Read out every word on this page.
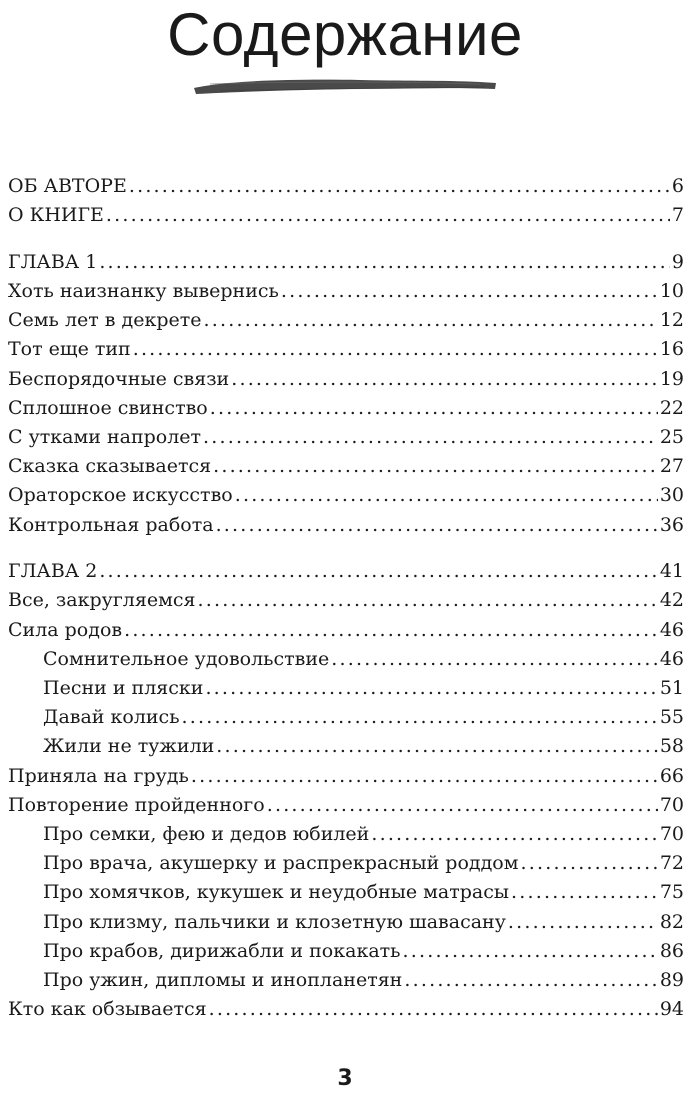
Содержание
ОБ АВТОРЕ .....	6
О КНИГЕ .....	7
ГЛАВА 1 .....	9
Хоть наизнанку вывернись .....	10
Семь лет в декрете .....	12
Тот еще тип .....	16
Беспорядочные связи .....	19
Сплошное свинство .....	22
С утками напролет .....	25
Сказка сказывается .....	27
Ораторское искусство .....	30
Контрольная работа .....	36
ГЛАВА 2 .....	41
Все, закругляемся .....	42
Сила родов .....	46
Сомнительное удовольствие .....	46
Песни и пляски .....	51
Давай колись .....	55
Жили не тужили .....	58
Приняла на грудь .....	66
Повторение пройденного .....	70
Про семки, фею и дедов юбилей .....	70
Про врача, акушерку и распрекрасный роддом .....	72
Про хомячков, кукушек и неудобные матрасы .....	75
Про клизму, пальчики и клозетную шавасану .....	82
Про крабов, дирижабли и покакать .....	86
Про ужин, дипломы и инопланетян .....	89
Кто как обзывается .....	94
3
